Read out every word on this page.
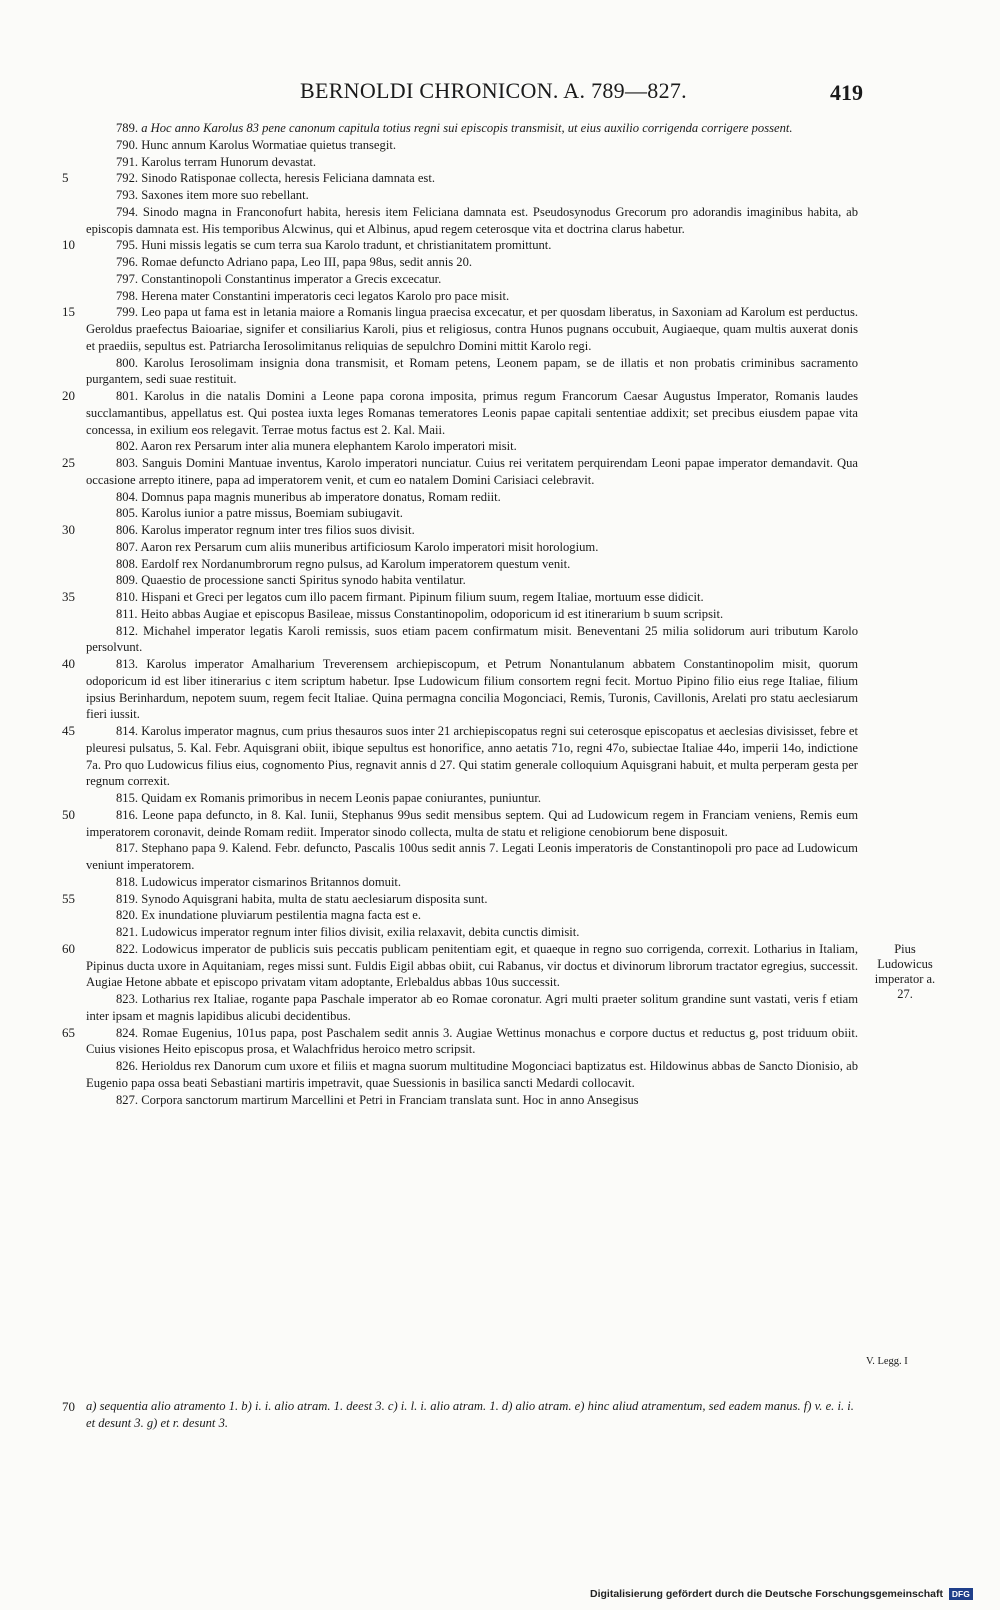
BERNOLDI CHRONICON. A. 789—827.	419

789. a Hoc anno Karolus 83 pene canonum capitula totius regni sui episcopis transmisit, ut eius auxilio corrigenda corrigere possent.

790. Hunc annum Karolus Wormatiae quietus transegit.

791. Karolus terram Hunorum devastat.

5	792. Sinodo Ratisponae collecta, heresis Feliciana damnata est.

793. Saxones item more suo rebellant.

794. Sinodo magna in Franconofurt habita, heresis item Feliciana damnata est. Pseudosynodus Grecorum pro adorandis imaginibus habita, ab episcopis damnata est. His temporibus Alcwinus, qui et Albinus, apud regem ceterosque vita et doctrina clarus habetur.

10	795. Huni missis legatis se cum terra sua Karolo tradunt, et christianitatem promittunt.

796. Romae defuncto Adriano papa, Leo III, papa 98us, sedit annis 20.

797. Constantinopoli Constantinus imperator a Grecis excecatur.

798. Herena mater Constantini imperatoris ceci legatos Karolo pro pace misit.

15	799. Leo papa ut fama est in letania maiore a Romanis lingua praecisa excecatur, et per quosdam liberatus, in Saxoniam ad Karolum est perductus. Geroldus praefectus Baioariae, signifer et consiliarius Karoli, pius et religiosus, contra Hunos pugnans occubuit, Augiaeque, quam multis auxerat donis et praediis, sepultus est. Patriarcha Ierosolimitanus reliquias de sepulchro Domini mittit Karolo regi.

800. Karolus Ierosolimam insignia dona transmisit, et Romam petens, Leonem papam, se de illatis et non probatis criminibus sacramento purgantem, sedi suae restituit.

20	801. Karolus in die natalis Domini a Leone papa corona imposita, primus regum Francorum Caesar Augustus Imperator, Romanis laudes succlamantibus, appellatus est. Qui postea iuxta leges Romanas temeratores Leonis papae capitali sententiae addixit; set precibus eiusdem papae vita concessa, in exilium eos relegavit. Terrae motus factus est 2. Kal. Maii.

802. Aaron rex Persarum inter alia munera elephantem Karolo imperatori misit.

25	803. Sanguis Domini Mantuae inventus, Karolo imperatori nunciatur. Cuius rei veritatem perquirendam Leoni papae imperator demandavit. Qua occasione arrepto itinere, papa ad imperatorem venit, et cum eo natalem Domini Carisiaci celebravit.

804. Domnus papa magnis muneribus ab imperatore donatus, Romam rediit.

805. Karolus iunior a patre missus, Boemiam subiugavit.

30	806. Karolus imperator regnum inter tres filios suos divisit.

807. Aaron rex Persarum cum aliis muneribus artificiosum Karolo imperatori misit horologium.

808. Eardolf rex Nordanumbrorum regno pulsus, ad Karolum imperatorem questum venit.

809. Quaestio de processione sancti Spiritus synodo habita ventilatur.

35	810. Hispani et Greci per legatos cum illo pacem firmant. Pipinum filium suum, regem Italiae, mortuum esse didicit.

811. Heito abbas Augiae et episcopus Basileae, missus Constantinopolim, odoporicum id est itinerarium b suum scripsit.

812. Michahel imperator legatis Karoli remissis, suos etiam pacem confirmatum misit. Beneventani 25 milia solidorum auri tributum Karolo persolvunt.

40	813. Karolus imperator Amalharium Treverensem archiepiscopum, et Petrum Nonantulanum abbatem Constantinopolim misit, quorum odoporicum id est liber itinerarius c item scriptum habetur. Ipse Ludowicum filium consortem regni fecit. Mortuo Pipino filio eius rege Italiae, filium ipsius Berinhardum, nepotem suum, regem fecit Italiae. Quina permagna concilia Mogonciaci, Remis, Turonis, Cavillonis, Arelati pro statu aeclesiarum fieri iussit.

45	814. Karolus imperator magnus, cum prius thesauros suos inter 21 archiepiscopatus regni sui ceterosque episcopatus et aeclesias divisisset, febre et pleuresi pulsatus, 5. Kal. Febr. Aquisgrani obiit, ibique sepultus est honorifice, anno aetatis 71o, regni 47o, subiectae Italiae 44o, imperii 14o, indictione 7a. Pro quo Ludowicus filius eius, cognomento Pius, regnavit annis d 27. Qui statim generale colloquium Aquisgrani habuit, et multa perperam gesta per regnum correxit.

815. Quidam ex Romanis primoribus in necem Leonis papae coniurantes, puniuntur.

50	816. Leone papa defuncto, in 8. Kal. Iunii, Stephanus 99us sedit mensibus septem. Qui ad Ludowicum regem in Franciam veniens, Remis eum imperatorem coronavit, deinde Romam rediit. Imperator sinodo collecta, multa de statu et religione cenobiorum bene disposuit.

817. Stephano papa 9. Kalend. Febr. defuncto, Pascalis 100us sedit annis 7. Legati Leonis imperatoris de Constantinopoli pro pace ad Ludowicum veniunt imperatorem.

818. Ludowicus imperator cismarinos Britannos domuit.

55	819. Synodo Aquisgrani habita, multa de statu aeclesiarum disposita sunt.

820. Ex inundatione pluviarum pestilentia magna facta est e.

821. Ludowicus imperator regnum inter filios divisit, exilia relaxavit, debita cunctis dimisit.

60	822. Lodowicus imperator de publicis suis peccatis publicam penitentiam egit, et quaeque in regno suo corrigenda, correxit. Lotharius in Italiam, Pipinus ducta uxore in Aquitaniam, reges missi sunt. Fuldis Eigil abbas obiit, cui Rabanus, vir doctus et divinorum librorum tractator egregius, successit. Augiae Hetone abbate et episcopo privatam vitam adoptante, Erlebaldus abbas 10us successit.

823. Lotharius rex Italiae, rogante papa Paschale imperator ab eo Romae coronatur. Agri multi praeter solitum grandine sunt vastati, veris f etiam inter ipsam et magnis lapidibus alicubi decidentibus.

65	824. Romae Eugenius, 101us papa, post Paschalem sedit annis 3. Augiae Wettinus monachus e corpore ductus et reductus g, post triduum obiit. Cuius visiones Heito episcopus prosa, et Walachfridus heroico metro scripsit.

826. Herioldus rex Danorum cum uxore et filiis et magna suorum multitudine Mogonciaci baptizatus est. Hildowinus abbas de Sancto Dionisio, ab Eugenio papa ossa beati Sebastiani martiris impetravit, quae Suessionis in basilica sancti Medardi collocavit.

827. Corpora sanctorum martirum Marcellini et Petri in Franciam translata sunt. Hoc in anno Ansegisus

Pius Ludowicus imperator a. 27.
V. Legg. I
70 a) sequentia alio atramento 1. b) i. i. alio atram. 1. deest 3. c) i. l. i. alio atram. 1. d) alio atram. e) hinc aliud atramentum, sed eadem manus. f) v. e. i. i. et desunt 3. g) et r. desunt 3.
Digitalisierung gefördert durch die Deutsche Forschungsgemeinschaft DFG
